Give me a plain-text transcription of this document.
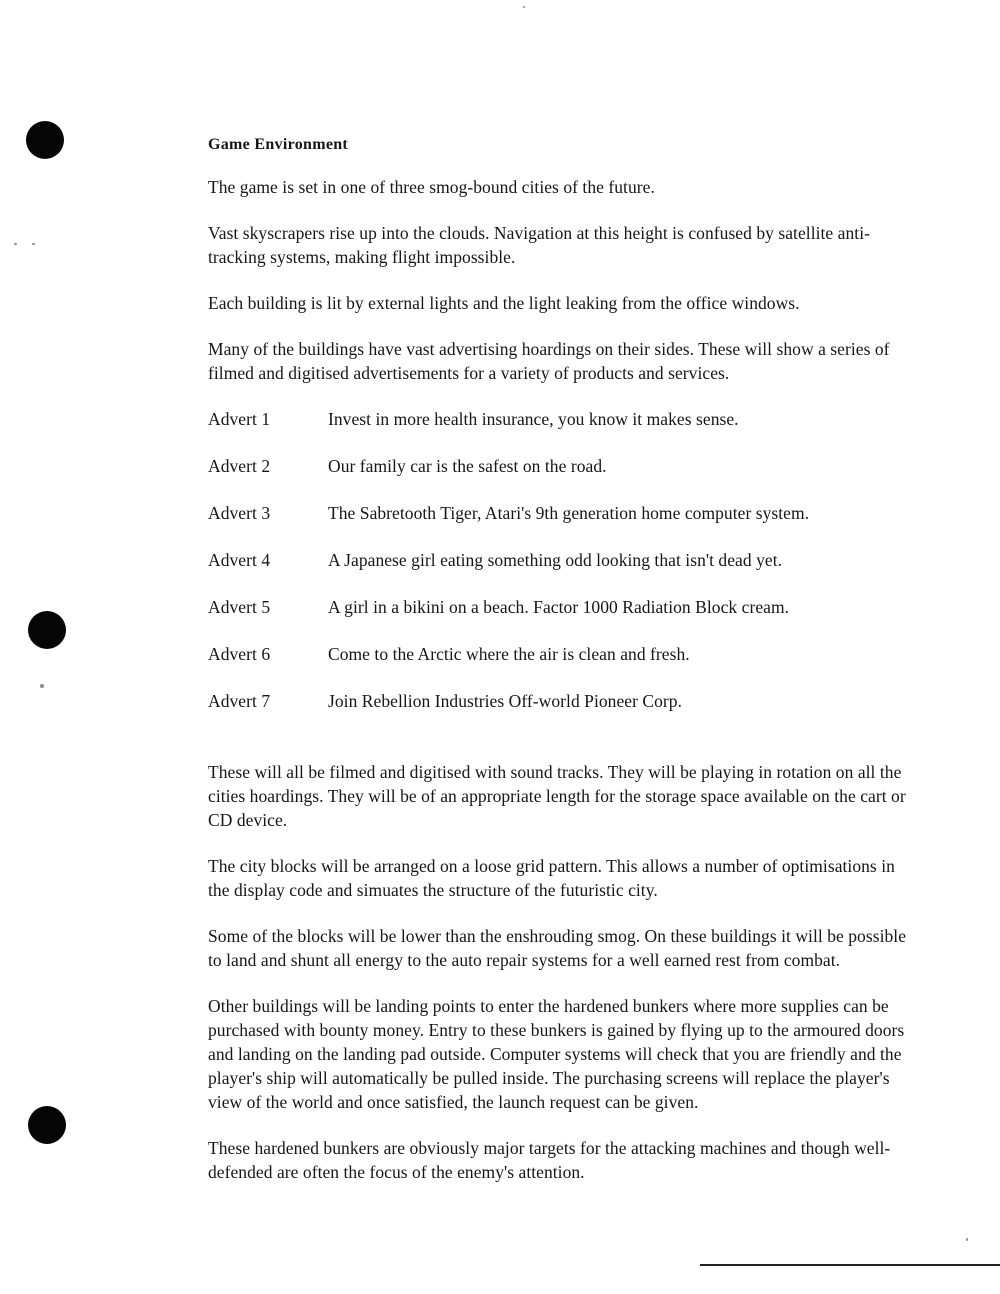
Game Environment

The game is set in one of three smog-bound cities of the future.

Vast skyscrapers rise up into the clouds. Navigation at this height is confused by satellite anti-tracking systems, making flight impossible.

Each building is lit by external lights and the light leaking from the office windows.

Many of the buildings have vast advertising hoardings on their sides. These will show a series of filmed and digitised advertisements for a variety of products and services.

Advert 1	Invest in more health insurance, you know it makes sense.
Advert 2	Our family car is the safest on the road.
Advert 3	The Sabretooth Tiger, Atari's 9th generation home computer system.
Advert 4	A Japanese girl eating something odd looking that isn't dead yet.
Advert 5	A girl in a bikini on a beach. Factor 1000 Radiation Block cream.
Advert 6	Come to the Arctic where the air is clean and fresh.
Advert 7	Join Rebellion Industries Off-world Pioneer Corp.

These will all be filmed and digitised with sound tracks. They will be playing in rotation on all the cities hoardings. They will be of an appropriate length for the storage space available on the cart or CD device.

The city blocks will be arranged on a loose grid pattern. This allows a number of optimisations in the display code and simuates the structure of the futuristic city.

Some of the blocks will be lower than the enshrouding smog. On these buildings it will be possible to land and shunt all energy to the auto repair systems for a well earned rest from combat.

Other buildings will be landing points to enter the hardened bunkers where more supplies can be purchased with bounty money. Entry to these bunkers is gained by flying up to the armoured doors and landing on the landing pad outside. Computer systems will check that you are friendly and the player's ship will automatically be pulled inside. The purchasing screens will replace the player's view of the world and once satisfied, the launch request can be given.

These hardened bunkers are obviously major targets for the attacking machines and though well-defended are often the focus of the enemy's attention.
